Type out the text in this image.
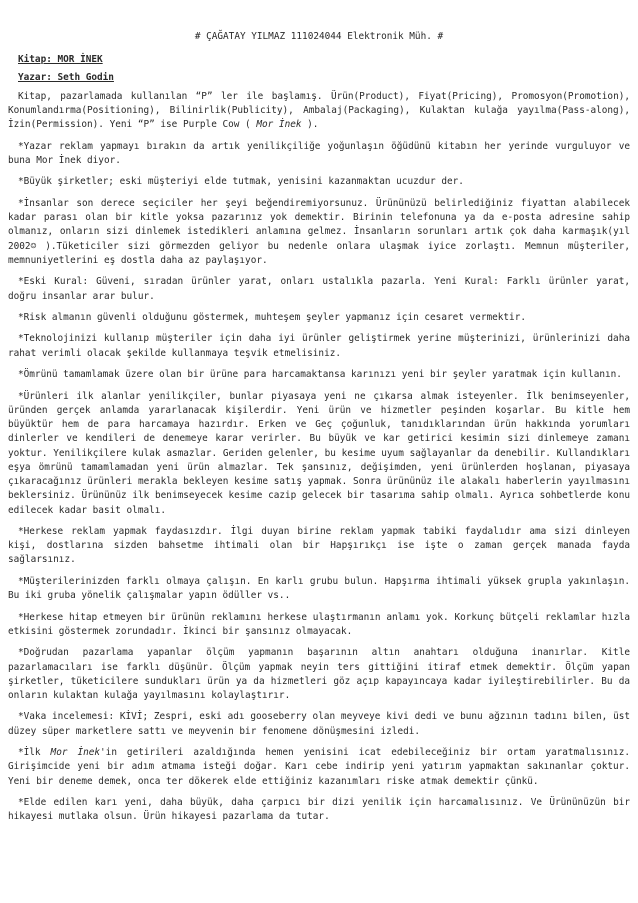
# ÇAĞATAY YILMAZ 111024044 Elektronik Müh. #
Kitap: MOR İNEK
Yazar: Seth Godin

Kitap, pazarlamada kullanılan “P” ler ile başlamış. Ürün(Product), Fiyat(Pricing), Promosyon(Promotion), Konumlandırma(Positioning), Bilinirlik(Publicity), Ambalaj(Packaging), Kulaktan kulağa yayılma(Pass-along), İzin(Permission). Yeni “P” ise Purple Cow ( Mor İnek ).

*Yazar reklam yapmayı bırakın da artık yenilikçiliğe yoğunlaşın öğüdünü kitabın her yerinde vurguluyor ve buna Mor İnek diyor.

*Büyük şirketler; eski müşteriyi elde tutmak, yenisini kazanmaktan ucuzdur der.

*İnsanlar son derece seçiciler her şeyi beğendiremiyorsunuz. Ürününüzü belirlediğiniz fiyattan alabilecek kadar parası olan bir kitle yoksa pazarınız yok demektir. Birinin telefonuna ya da e-posta adresine sahip olmanız, onların sizi dinlemek istedikleri anlamına gelmez. İnsanların sorunları artık çok daha karmaşık(yıl 2002☺ ).Tüketiciler sizi görmezden geliyor bu nedenle onlara ulaşmak iyice zorlaştı. Memnun müşteriler, memnuniyetlerini eş dostla daha az paylaşıyor.

*Eski Kural: Güveni, sıradan ürünler yarat, onları ustalıkla pazarla. Yeni Kural: Farklı ürünler yarat, doğru insanlar arar bulur.

*Risk almanın güvenli olduğunu göstermek, muhteşem şeyler yapmanız için cesaret vermektir.

*Teknolojinizi kullanıp müşteriler için daha iyi ürünler geliştirmek yerine müşterinizi, ürünlerinizi daha rahat verimli olacak şekilde kullanmaya teşvik etmelisiniz.

*Ömrünü tamamlamak üzere olan bir ürüne para harcamaktansa karınızı yeni bir şeyler yaratmak için kullanın.

*Ürünleri ilk alanlar yenilikçiler, bunlar piyasaya yeni ne çıkarsa almak isteyenler. İlk benimseyenler, üründen gerçek anlamda yararlanacak kişilerdir. Yeni ürün ve hizmetler peşinden koşarlar. Bu kitle hem büyüktür hem de para harcamaya hazırdır. Erken ve Geç çoğunluk, tanıdıklarından ürün hakkında yorumları dinlerler ve kendileri de denemeye karar verirler. Bu büyük ve kar getirici kesimin sizi dinlemeye zamanı yoktur. Yenilikçilere kulak asmazlar. Geriden gelenler, bu kesime uyum sağlayanlar da denebilir. Kullandıkları eşya ömrünü tamamlamadan yeni ürün almazlar. Tek şansınız, değişimden, yeni ürünlerden hoşlanan, piyasaya çıkaracağınız ürünleri merakla bekleyen kesime satış yapmak. Sonra ürününüz ile alakalı haberlerin yayılmasını beklersiniz. Ürününüz ilk benimseyecek kesime cazip gelecek bir tasarıma sahip olmalı. Ayrıca sohbetlerde konu edilecek kadar basit olmalı.

*Herkese reklam yapmak faydasızdır. İlgi duyan birine reklam yapmak tabiki faydalıdır ama sizi dinleyen kişi, dostlarına sizden bahsetme ihtimali olan bir Hapşırıkçı ise işte o zaman gerçek manada fayda sağlarsınız.

*Müşterilerinizden farklı olmaya çalışın. En karlı grubu bulun. Hapşırma ihtimali yüksek grupla yakınlaşın. Bu iki gruba yönelik çalışmalar yapın ödüller vs..

*Herkese hitap etmeyen bir ürünün reklamını herkese ulaştırmanın anlamı yok. Korkunç bütçeli reklamlar hızla etkisini göstermek zorundadır. İkinci bir şansınız olmayacak.

*Doğrudan pazarlama yapanlar ölçüm yapmanın başarının altın anahtarı olduğuna inanırlar. Kitle pazarlamacıları ise farklı düşünür. Ölçüm yapmak neyin ters gittiğini itiraf etmek demektir. Ölçüm yapan şirketler, tüketicilere sundukları ürün ya da hizmetleri göz açıp kapayıncaya kadar iyileştirebilirler. Bu da onların kulaktan kulağa yayılmasını kolaylaştırır.

*Vaka incelemesi: KİVİ; Zespri, eski adı gooseberry olan meyveye kivi dedi ve bunu ağzının tadını bilen, üst düzey süper marketlere sattı ve meyvenin bir fenomene dönüşmesini izledi.

*İlk Mor İnek'in getirileri azaldığında hemen yenisini icat edebileceğiniz bir ortam yaratmalısınız. Girişimcide yeni bir adım atmama isteği doğar. Karı cebe indirip yeni yatırım yapmaktan sakınanlar çoktur. Yeni bir deneme demek, onca ter dökerek elde ettiğiniz kazanımları riske atmak demektir çünkü.

*Elde edilen karı yeni, daha büyük, daha çarpıcı bir dizi yenilik için harcamalısınız. Ve Ürününüzün bir hikayesi mutlaka olsun. Ürün hikayesi pazarlama da tutar.
